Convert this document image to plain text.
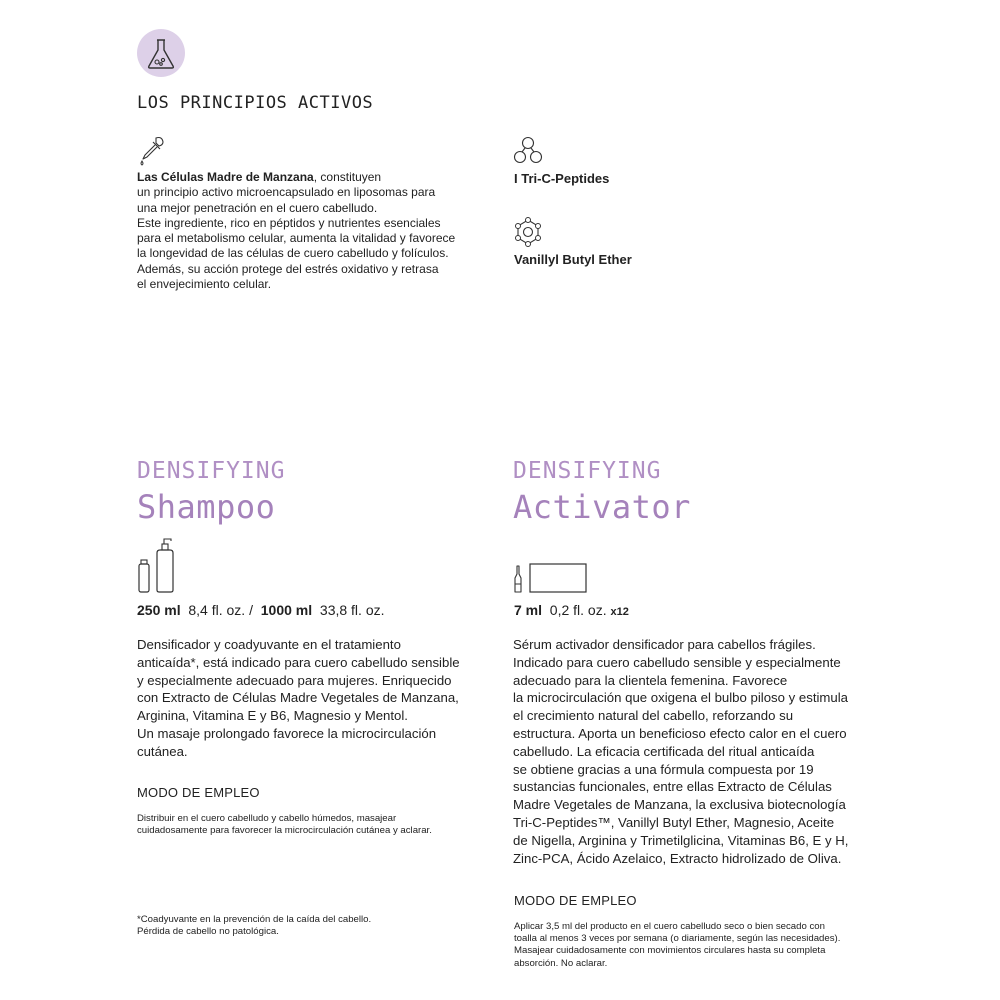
LOS PRINCIPIOS ACTIVOS
Las Células Madre de Manzana, constituyen
un principio activo microencapsulado en liposomas para
una mejor penetración en el cuero cabelludo.
Este ingrediente, rico en péptidos y nutrientes esenciales
para el metabolismo celular, aumenta la vitalidad y favorece
la longevidad de las células de cuero cabelludo y folículos.
Además, su acción protege del estrés oxidativo y retrasa
el envejecimiento celular.
I Tri-C-Peptides
Vanillyl Butyl Ether
DENSIFYING
Shampoo
250 ml 8,4 fl. oz. / 1000 ml 33,8 fl. oz.
Densificador y coadyuvante en el tratamiento
anticaída*, está indicado para cuero cabelludo sensible
y especialmente adecuado para mujeres. Enriquecido
con Extracto de Células Madre Vegetales de Manzana,
Arginina, Vitamina E y B6, Magnesio y Mentol.
Un masaje prolongado favorece la microcirculación
cutánea.
MODO DE EMPLEO
Distribuir en el cuero cabelludo y cabello húmedos, masajear
cuidadosamente para favorecer la microcirculación cutánea y aclarar.
*Coadyuvante en la prevención de la caída del cabello.
Pérdida de cabello no patológica.
DENSIFYING
Activator
7 ml 0,2 fl. oz. x12
Sérum activador densificador para cabellos frágiles.
Indicado para cuero cabelludo sensible y especialmente
adecuado para la clientela femenina. Favorece
la microcirculación que oxigena el bulbo piloso y estimula
el crecimiento natural del cabello, reforzando su
estructura. Aporta un beneficioso efecto calor en el cuero
cabelludo. La eficacia certificada del ritual anticaída
se obtiene gracias a una fórmula compuesta por 19
sustancias funcionales, entre ellas Extracto de Células
Madre Vegetales de Manzana, la exclusiva biotecnología
Tri-C-Peptides™, Vanillyl Butyl Ether, Magnesio, Aceite
de Nigella, Arginina y Trimetilglicina, Vitaminas B6, E y H,
Zinc-PCA, Ácido Azelaico, Extracto hidrolizado de Oliva.
MODO DE EMPLEO
Aplicar 3,5 ml del producto en el cuero cabelludo seco o bien secado con
toalla al menos 3 veces por semana (o diariamente, según las necesidades).
Masajear cuidadosamente con movimientos circulares hasta su completa
absorción. No aclarar.
